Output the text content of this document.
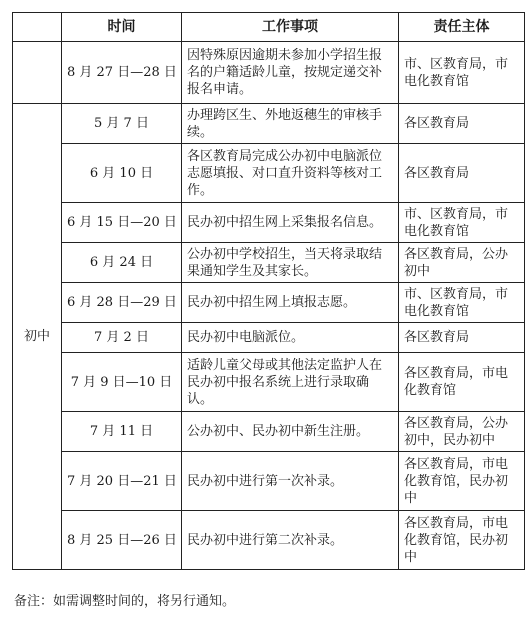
	时间	工作事项	责任主体
	8 月 27 日—28 日	因特殊原因逾期未参加小学招生报名的户籍适龄儿童，按规定递交补报名申请。	市、区教育局，市电化教育馆
初中	5 月 7 日	办理跨区生、外地返穗生的审核手续。	各区教育局
	6 月 10 日	各区教育局完成公办初中电脑派位志愿填报、对口直升资料等核对工作。	各区教育局
	6 月 15 日—20 日	民办初中招生网上采集报名信息。	市、区教育局，市电化教育馆
	6 月 24 日	公办初中学校招生，当天将录取结果通知学生及其家长。	各区教育局，公办初中
	6 月 28 日—29 日	民办初中招生网上填报志愿。	市、区教育局，市电化教育馆
	7 月 2 日	民办初中电脑派位。	各区教育局
	7 月 9 日—10 日	适龄儿童父母或其他法定监护人在民办初中报名系统上进行录取确认。	各区教育局，市电化教育馆
	7 月 11 日	公办初中、民办初中新生注册。	各区教育局，公办初中，民办初中
	7 月 20 日—21 日	民办初中进行第一次补录。	各区教育局，市电化教育馆，民办初中
	8 月 25 日—26 日	民办初中进行第二次补录。	各区教育局，市电化教育馆，民办初中
备注：如需调整时间的，将另行通知。
